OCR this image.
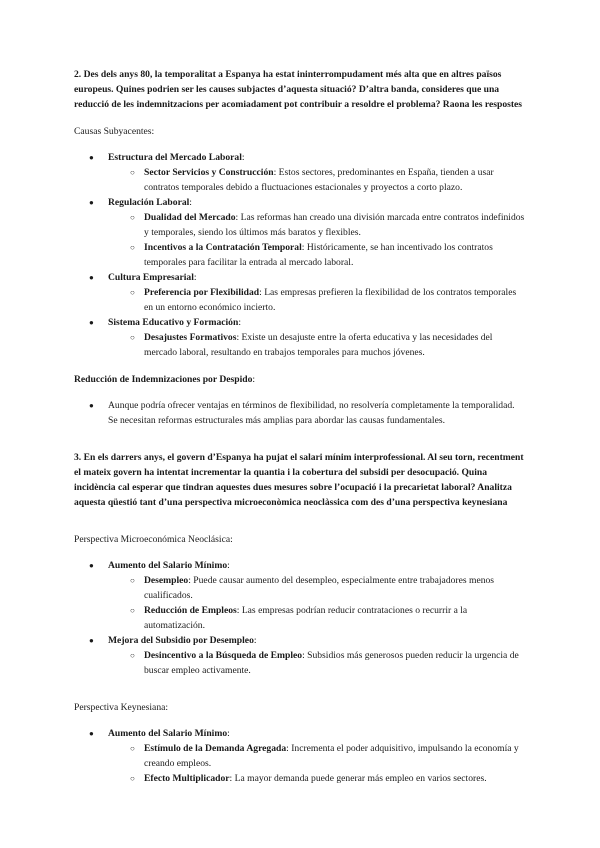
2. Des dels anys 80, la temporalitat a Espanya ha estat ininterrompudament més alta que en altres països europeus. Quines podrien ser les causes subjactes d’aquesta situació? D’altra banda, consideres que una reducció de les indemnitzacions per acomiadament pot contribuir a resoldre el problema? Raona les respostes

Causas Subyacentes:

● Estructura del Mercado Laboral:
○ Sector Servicios y Construcción: Estos sectores, predominantes en España, tienden a usar contratos temporales debido a fluctuaciones estacionales y proyectos a corto plazo.
● Regulación Laboral:
○ Dualidad del Mercado: Las reformas han creado una división marcada entre contratos indefinidos y temporales, siendo los últimos más baratos y flexibles.
○ Incentivos a la Contratación Temporal: Históricamente, se han incentivado los contratos temporales para facilitar la entrada al mercado laboral.
● Cultura Empresarial:
○ Preferencia por Flexibilidad: Las empresas prefieren la flexibilidad de los contratos temporales en un entorno económico incierto.
● Sistema Educativo y Formación:
○ Desajustes Formativos: Existe un desajuste entre la oferta educativa y las necesidades del mercado laboral, resultando en trabajos temporales para muchos jóvenes.

Reducción de Indemnizaciones por Despido:

● Aunque podría ofrecer ventajas en términos de flexibilidad, no resolvería completamente la temporalidad. Se necesitan reformas estructurales más amplias para abordar las causas fundamentales.

3. En els darrers anys, el govern d’Espanya ha pujat el salari mínim interprofessional. Al seu torn, recentment el mateix govern ha intentat incrementar la quantia i la cobertura del subsidi per desocupació. Quina incidència cal esperar que tindran aquestes dues mesures sobre l’ocupació i la precarietat laboral? Analitza aquesta qüestió tant d’una perspectiva microeconòmica neoclàssica com des d’una perspectiva keynesiana

Perspectiva Microeconómica Neoclásica:

● Aumento del Salario Mínimo:
○ Desempleo: Puede causar aumento del desempleo, especialmente entre trabajadores menos cualificados.
○ Reducción de Empleos: Las empresas podrían reducir contrataciones o recurrir a la automatización.
● Mejora del Subsidio por Desempleo:
○ Desincentivo a la Búsqueda de Empleo: Subsidios más generosos pueden reducir la urgencia de buscar empleo activamente.

Perspectiva Keynesiana:

● Aumento del Salario Mínimo:
○ Estímulo de la Demanda Agregada: Incrementa el poder adquisitivo, impulsando la economía y creando empleos.
○ Efecto Multiplicador: La mayor demanda puede generar más empleo en varios sectores.
